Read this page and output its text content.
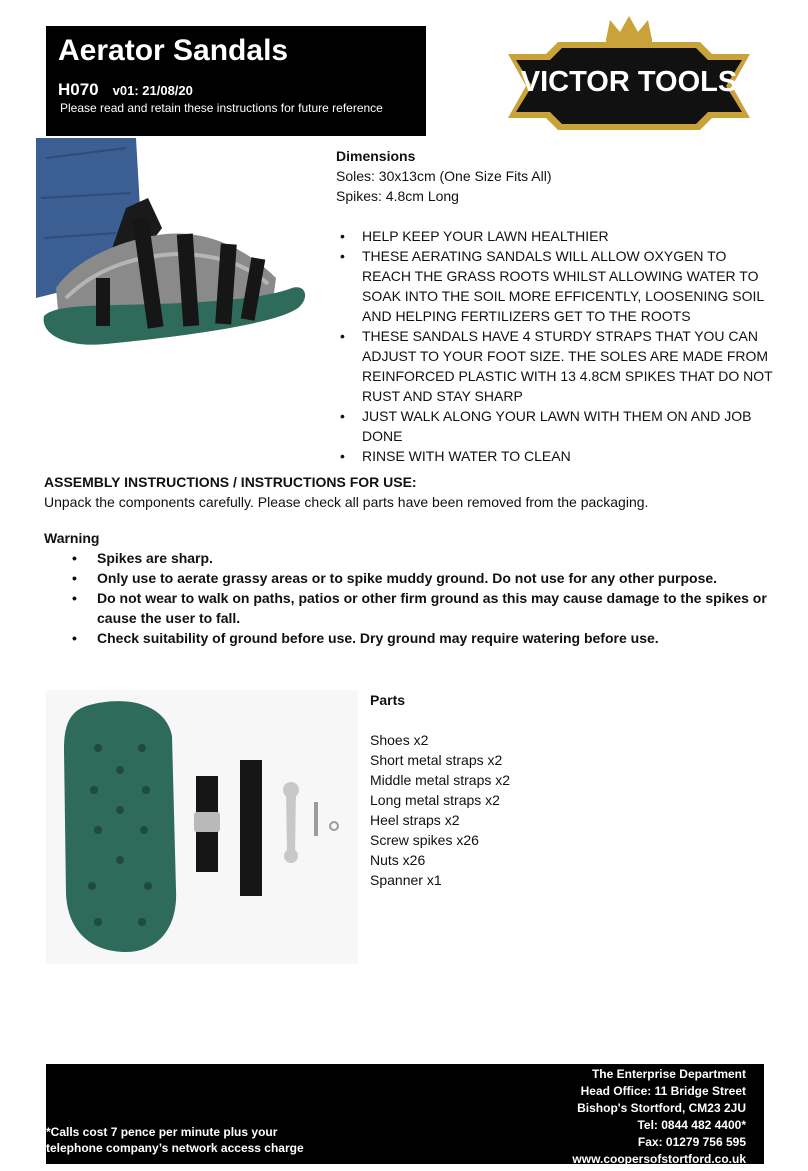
Aerator Sandals
H070 v01: 21/08/20
Please read and retain these instructions for future reference
VICTOR TOOLS
Dimensions
Soles: 30x13cm (One Size Fits All)
Spikes: 4.8cm Long
• HELP KEEP YOUR LAWN HEALTHIER
• THESE AERATING SANDALS WILL ALLOW OXYGEN TO REACH THE GRASS ROOTS WHILST ALLOWING WATER TO SOAK INTO THE SOIL MORE EFFICENTLY, LOOSENING SOIL AND HELPING FERTILIZERS GET TO THE ROOTS
• THESE SANDALS HAVE 4 STURDY STRAPS THAT YOU CAN ADJUST TO YOUR FOOT SIZE. THE SOLES ARE MADE FROM REINFORCED PLASTIC WITH 13 4.8CM SPIKES THAT DO NOT RUST AND STAY SHARP
• JUST WALK ALONG YOUR LAWN WITH THEM ON AND JOB DONE
• RINSE WITH WATER TO CLEAN
ASSEMBLY INSTRUCTIONS / INSTRUCTIONS FOR USE:
Unpack the components carefully. Please check all parts have been removed from the packaging.
Warning
• Spikes are sharp.
• Only use to aerate grassy areas or to spike muddy ground. Do not use for any other purpose.
• Do not wear to walk on paths, patios or other firm ground as this may cause damage to the spikes or cause the user to fall.
• Check suitability of ground before use. Dry ground may require watering before use.
Parts
Shoes x2
Short metal straps x2
Middle metal straps x2
Long metal straps x2
Heel straps x2
Screw spikes x26
Nuts x26
Spanner x1
*Calls cost 7 pence per minute plus your
telephone company’s network access charge
The Enterprise Department
Head Office: 11 Bridge Street
Bishop's Stortford, CM23 2JU
Tel: 0844 482 4400*
Fax: 01279 756 595
www.coopersofstortford.co.uk
